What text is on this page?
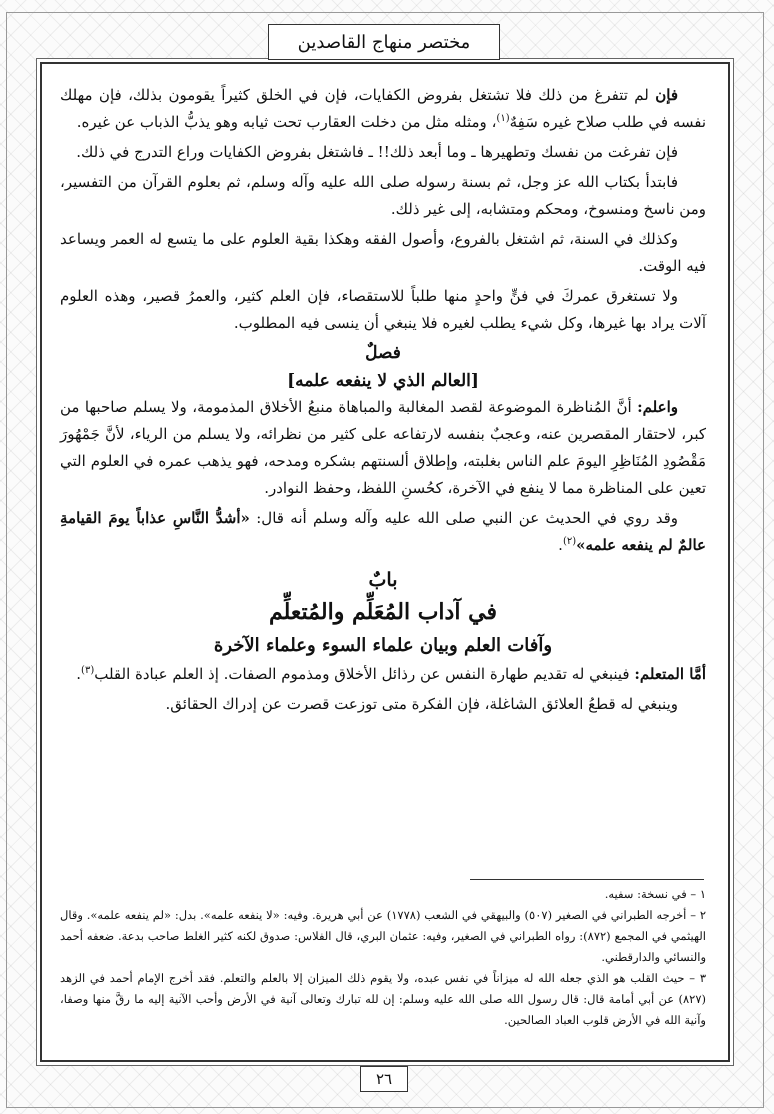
مختصر منهاج القاصدين

فإن لم تتفرغ من ذلك فلا تشتغل بفروض الكفايات، فإن في الخلق كثيراً يقومون بذلك، فإن مهلك نفسه في طلب صلاح غيره سَفِهٌ$^{(١)}$، ومثله مثل من دخلت العقارب تحت ثيابه وهو يذبُّ الذباب عن غيره.

فإن تفرغت من نفسك وتطهيرها ـ وما أبعد ذلك!! ـ فاشتغل بفروض الكفايات وراع التدرج في ذلك.

فابتدأ بكتاب الله عز وجل، ثم بسنة رسوله صلى الله عليه وآله وسلم، ثم بعلوم القرآن من التفسير، ومن ناسخ ومنسوخ، ومحكم ومتشابه، إلى غير ذلك.

وكذلك في السنة، ثم اشتغل بالفروع، وأصول الفقه وهكذا بقية العلوم على ما يتسع له العمر ويساعد فيه الوقت.

ولا تستغرق عمركَ في فنٍّ واحدٍ منها طلباً للاستقصاء، فإن العلم كثير، والعمرُ قصير، وهذه العلوم آلات يراد بها غيرها، وكل شيء يطلب لغيره فلا ينبغي أن ينسى فيه المطلوب.

فصلٌ
[العالم الذي لا ينفعه علمه]

واعلم: أنَّ المُناظرة الموضوعة لقصد المغالبة والمباهاة منبعُ الأخلاق المذمومة، ولا يسلم صاحبها من كبر، لاحتقار المقصرين عنه، وعجبٌ بنفسه لارتفاعه على كثير من نظرائه، ولا يسلم من الرياء، لأنَّ جَمْهُورَ مَقْصُودِ المُنَاظِرِ اليومَ علم الناس بغلبته، وإطلاق ألسنتهم بشكره ومدحه، فهو يذهب عمره في العلوم التي تعين على المناظرة مما لا ينفع في الآخرة، كحُسنِ اللفظ، وحفظ النوادر.

وقد روي في الحديث عن النبي صلى الله عليه وآله وسلم أنه قال: «أشدُّ النَّاسِ عذاباً يومَ القيامةِ عالمٌ لم ينفعه علمه»$^{(٢)}$.

بابٌ
في آداب المُعَلِّم والمُتعلِّم
وآفات العلم وبيان علماء السوء وعلماء الآخرة

أمَّا المتعلم: فينبغي له تقديم طهارة النفس عن رذائل الأخلاق ومذموم الصفات. إذ العلم عبادة القلب$^{(٣)}$.

وينبغي له قطعُ العلائق الشاغلة، فإن الفكرة متى توزعت قصرت عن إدراك الحقائق.

١ – في نسخة: سفيه.

٢ – أخرجه الطبراني في الصغير (٥٠٧) والبيهقي في الشعب (١٧٧٨) عن أبي هريرة. وفيه: «لا ينفعه علمه». بدل: «لم ينفعه علمه». وقال الهيثمي في المجمع (٨٧٢): رواه الطبراني في الصغير، وفيه: عثمان البري، قال الفلاس: صدوق لكنه كثير الغلط صاحب بدعة. ضعفه أحمد والنسائي والدارقطني.

٣ – حيث القلب هو الذي جعله الله له ميزاناً في نفس عبده، ولا يقوم ذلك الميزان إلا بالعلم والتعلم. فقد أخرج الإمام أحمد في الزهد (٨٢٧) عن أبي أمامة قال: قال رسول الله صلى الله عليه وسلم: إن لله تبارك وتعالى آنية في الأرض وأحب الآنية إليه ما رقَّ منها وصفا، وآنية الله في الأرض قلوب العباد الصالحين.

٢٦
